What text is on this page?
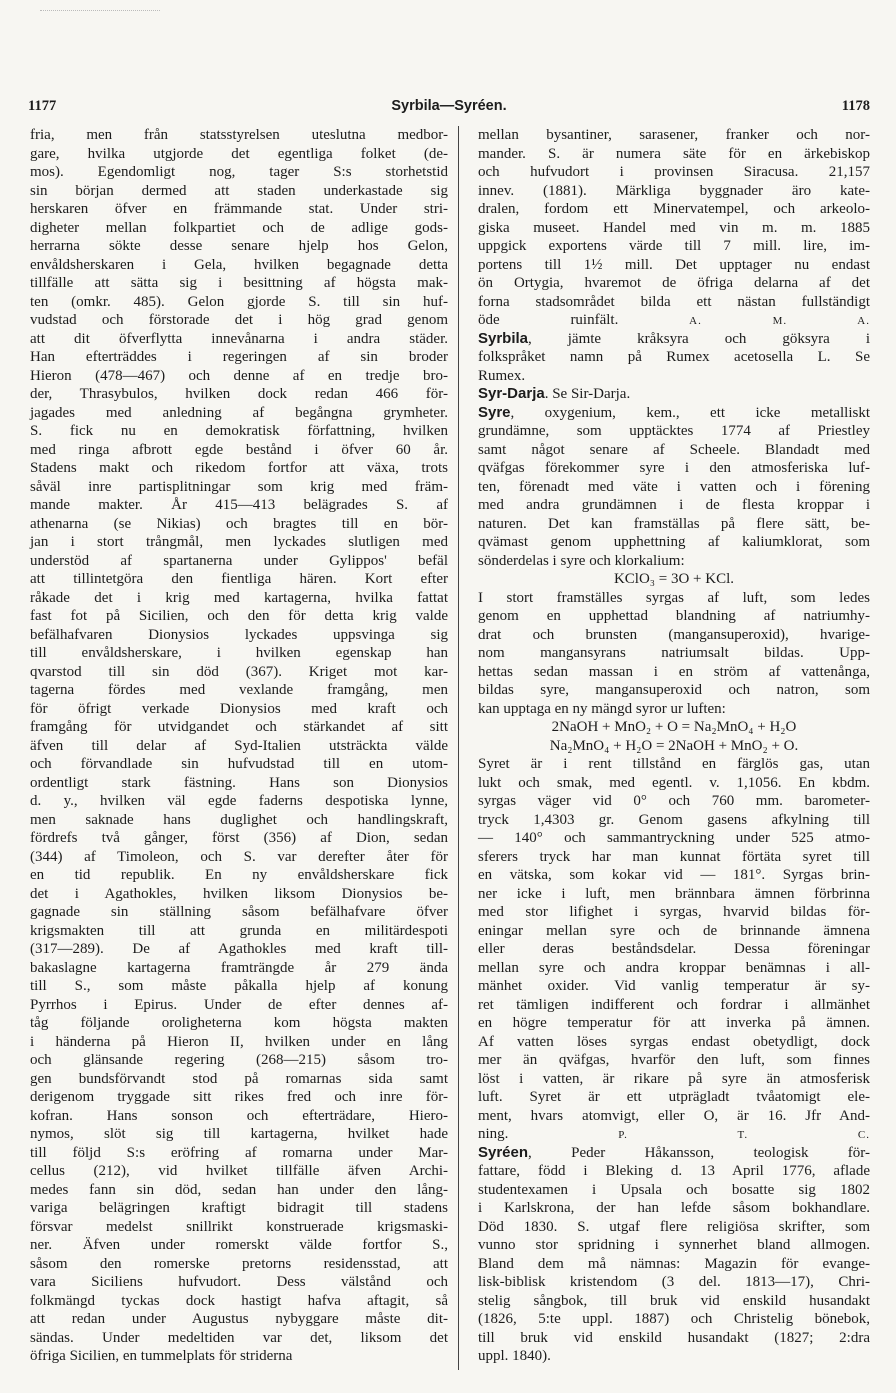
1177	Syrbila—Syréen.	1178
fria, men från statsstyrelsen uteslutna medbor-
gare, hvilka utgjorde det egentliga folket (de-
mos). Egendomligt nog, tager S:s storhetstid
sin början dermed att staden underkastade sig
herskaren öfver en främmande stat. Under stri-
digheter mellan folkpartiet och de adlige gods-
herrarna sökte desse senare hjelp hos Gelon,
envåldsherskaren i Gela, hvilken begagnade detta
tillfälle att sätta sig i besittning af högsta mak-
ten (omkr. 485). Gelon gjorde S. till sin huf-
vudstad och förstorade det i hög grad genom
att dit öfverflytta innevånarna i andra städer.
Han efterträddes i regeringen af sin broder
Hieron (478—467) och denne af en tredje bro-
der, Thrasybulos, hvilken dock redan 466 för-
jagades med anledning af begångna grymheter.
S. fick nu en demokratisk författning, hvilken
med ringa afbrott egde bestånd i öfver 60 år.
Stadens makt och rikedom fortfor att växa, trots
såväl inre partisplitningar som krig med främ-
mande makter. År 415—413 belägrades S. af
athenarna (se Nikias) och bragtes till en bör-
jan i stort trångmål, men lyckades slutligen med
understöd af spartanerna under Gylippos' befäl
att tillintetgöra den fientliga hären. Kort efter
råkade det i krig med kartagerna, hvilka fattat
fast fot på Sicilien, och den för detta krig valde
befälhafvaren Dionysios lyckades uppsvinga sig
till envåldsherskare, i hvilken egenskap han
qvarstod till sin död (367). Kriget mot kar-
tagerna fördes med vexlande framgång, men
för öfrigt verkade Dionysios med kraft och
framgång för utvidgandet och stärkandet af sitt
äfven till delar af Syd-Italien utsträckta välde
och förvandlade sin hufvudstad till en utom-
ordentligt stark fästning. Hans son Dionysios
d. y., hvilken väl egde faderns despotiska lynne,
men saknade hans duglighet och handlingskraft,
fördrefs två gånger, först (356) af Dion, sedan
(344) af Timoleon, och S. var derefter åter för
en tid republik. En ny envåldsherskare fick
det i Agathokles, hvilken liksom Dionysios be-
gagnade sin ställning såsom befälhafvare öfver
krigsmakten till att grunda en militärdespoti
(317—289). De af Agathokles med kraft till-
bakaslagne kartagerna framträngde år 279 ända
till S., som måste påkalla hjelp af konung
Pyrrhos i Epirus. Under de efter dennes af-
tåg följande oroligheterna kom högsta makten
i händerna på Hieron II, hvilken under en lång
och glänsande regering (268—215) såsom tro-
gen bundsförvandt stod på romarnas sida samt
derigenom tryggade sitt rikes fred och inre för-
kofran. Hans sonson och efterträdare, Hiero-
nymos, slöt sig till kartagerna, hvilket hade
till följd S:s eröfring af romarna under Mar-
cellus (212), vid hvilket tillfälle äfven Archi-
medes fann sin död, sedan han under den lång-
variga belägringen kraftigt bidragit till stadens
försvar medelst snillrikt konstruerade krigsmaski-
ner. Äfven under romerskt välde fortfor S.,
såsom den romerske pretorns residensstad, att
vara Siciliens hufvudort. Dess välstånd och
folkmängd tyckas dock hastigt hafva aftagit, så
att redan under Augustus nybyggare måste dit-
sändas. Under medeltiden var det, liksom det
öfriga Sicilien, en tummelplats för striderna
mellan bysantiner, sarasener, franker och nor-
mander. S. är numera säte för en ärkebiskop
och hufvudort i provinsen Siracusa. 21,157
innev. (1881). Märkliga byggnader äro kate-
dralen, fordom ett Minervatempel, och arkeolo-
giska museet. Handel med vin m. m. 1885
uppgick exportens värde till 7 mill. lire, im-
portens till 1½ mill. Det upptager nu endast
ön Ortygia, hvaremot de öfriga delarna af det
forna stadsområdet bilda ett nästan fullständigt
öde ruinfält.	A. M. A.
Syrbila, jämte kråksyra och göksyra i
folkspråket namn på Rumex acetosella L. Se
Rumex.
Syr-Darja. Se Sir-Darja.
Syre, oxygenium, kem., ett icke metalliskt
grundämne, som upptäcktes 1774 af Priestley
samt något senare af Scheele. Blandadt med
qväfgas förekommer syre i den atmosferiska luf-
ten, förenadt med väte i vatten och i förening
med andra grundämnen i de flesta kroppar i
naturen. Det kan framställas på flere sätt, be-
qvämast genom upphettning af kaliumklorat, som
sönderdelas i syre och klorkalium:
KClO₃ = 3O + KCl.
I stort framställes syrgas af luft, som ledes
genom en upphettad blandning af natriumhy-
drat och brunsten (mangansuperoxid), hvarige-
nom mangansyrans natriumsalt bildas. Upp-
hettas sedan massan i en ström af vattenånga,
bildas syre, mangansuperoxid och natron, som
kan upptaga en ny mängd syror ur luften:
2NaOH + MnO₂ + O = Na₂MnO₄ + H₂O
Na₂MnO₄ + H₂O = 2NaOH + MnO₂ + O.
Syret är i rent tillstånd en färglös gas, utan
lukt och smak, med egentl. v. 1,1056. En kbdm.
syrgas väger vid 0° och 760 mm. barometer-
tryck 1,4303 gr. Genom gasens afkylning till
— 140° och sammantryckning under 525 atmo-
sferers tryck har man kunnat förtäta syret till
en vätska, som kokar vid — 181°. Syrgas brin-
ner icke i luft, men brännbara ämnen förbrinna
med stor lifighet i syrgas, hvarvid bildas för-
eningar mellan syre och de brinnande ämnena
eller deras beståndsdelar. Dessa föreningar
mellan syre och andra kroppar benämnas i all-
mänhet oxider. Vid vanlig temperatur är sy-
ret tämligen indifferent och fordrar i allmänhet
en högre temperatur för att inverka på ämnen.
Af vatten löses syrgas endast obetydligt, dock
mer än qväfgas, hvarför den luft, som finnes
löst i vatten, är rikare på syre än atmosferisk
luft. Syret är ett utprägladt tvåatomigt ele-
ment, hvars atomvigt, eller O, är 16. Jfr And-
ning.	P. T. C.
Syréen, Peder Håkansson, teologisk för-
fattare, född i Bleking d. 13 April 1776, aflade
studentexamen i Upsala och bosatte sig 1802
i Karlskrona, der han lefde såsom bokhandlare.
Död 1830. S. utgaf flere religiösa skrifter, som
vunno stor spridning i synnerhet bland allmogen.
Bland dem må nämnas: Magazin för evange-
lisk-biblisk kristendom (3 del. 1813—17), Chri-
stelig sångbok, till bruk vid enskild husandakt
(1826, 5:te uppl. 1887) och Christelig bönebok,
till bruk vid enskild husandakt (1827; 2:dra
uppl. 1840).
